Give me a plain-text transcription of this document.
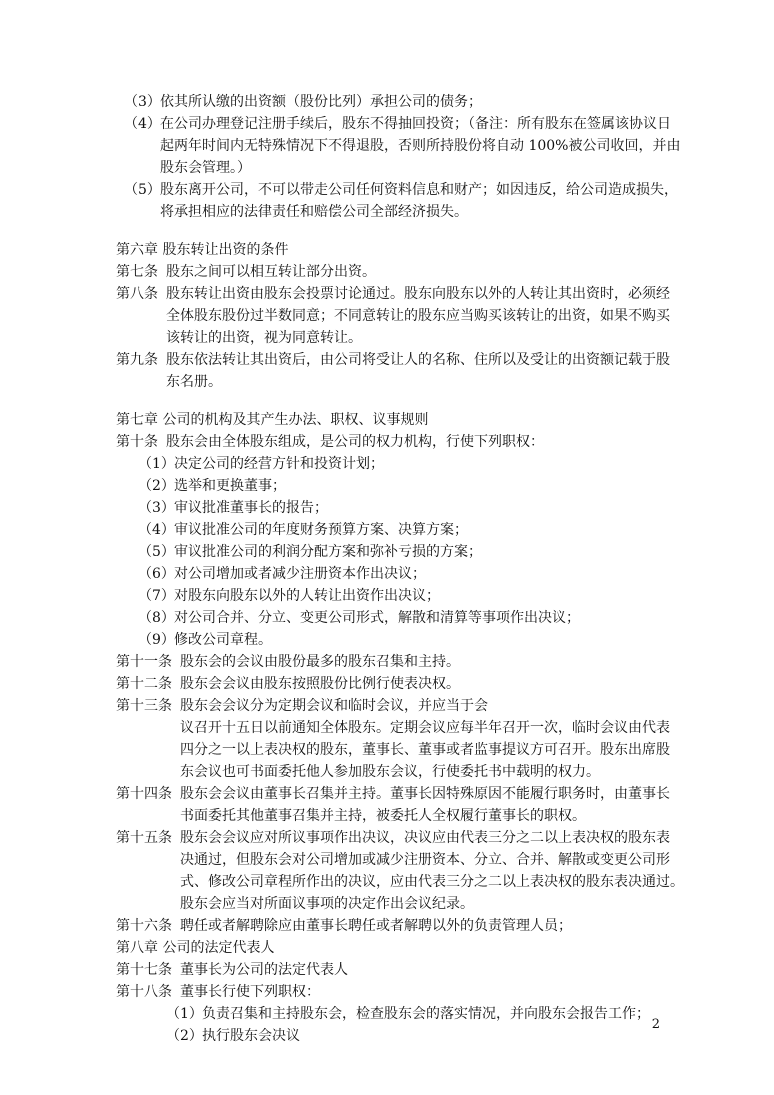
（3） 依其所认缴的出资额（股份比列）承担公司的债务；
（4） 在公司办理登记注册手续后，股东不得抽回投资；（备注：所有股东在签属该协议日
起两年时间内无特殊情况下不得退股，否则所持股份将自动 100%被公司收回，并由
股东会管理。）
（5） 股东离开公司，不可以带走公司任何资料信息和财产；如因违反，给公司造成损失，
将承担相应的法律责任和赔偿公司全部经济损失。
第六章 股东转让出资的条件
第七条 股东之间可以相互转让部分出资。
第八条 股东转让出资由股东会投票讨论通过。股东向股东以外的人转让其出资时，必须经
全体股东股份过半数同意；不同意转让的股东应当购买该转让的出资，如果不购买
该转让的出资，视为同意转让。
第九条 股东依法转让其出资后，由公司将受让人的名称、住所以及受让的出资额记载于股
东名册。
第七章 公司的机构及其产生办法、职权、议事规则
第十条 股东会由全体股东组成，是公司的权力机构，行使下列职权：
（1） 决定公司的经营方针和投资计划；
（2） 选举和更换董事；
（3） 审议批准董事长的报告；
（4） 审议批准公司的年度财务预算方案、决算方案；
（5） 审议批准公司的利润分配方案和弥补亏损的方案；
（6） 对公司增加或者减少注册资本作出决议；
（7） 对股东向股东以外的人转让出资作出决议；
（8） 对公司合并、分立、变更公司形式，解散和清算等事项作出决议；
（9） 修改公司章程。
第十一条 股东会的会议由股份最多的股东召集和主持。
第十二条 股东会会议由股东按照股份比例行使表决权。
第十三条 股东会会议分为定期会议和临时会议，并应当于会
议召开十五日以前通知全体股东。定期会议应每半年召开一次，临时会议由代表
四分之一以上表决权的股东，董事长、董事或者监事提议方可召开。股东出席股
东会议也可书面委托他人参加股东会议，行使委托书中载明的权力。
第十四条 股东会会议由董事长召集并主持。董事长因特殊原因不能履行职务时，由董事长
书面委托其他董事召集并主持，被委托人全权履行董事长的职权。
第十五条 股东会会议应对所议事项作出决议，决议应由代表三分之二以上表决权的股东表
决通过，但股东会对公司增加或减少注册资本、分立、合并、解散或变更公司形
式、修改公司章程所作出的决议，应由代表三分之二以上表决权的股东表决通过。
股东会应当对所面议事项的决定作出会议纪录。
第十六条 聘任或者解聘除应由董事长聘任或者解聘以外的负责管理人员；
第八章 公司的法定代表人
第十七条 董事长为公司的法定代表人
第十八条 董事长行使下列职权：
（1） 负责召集和主持股东会，检查股东会的落实情况，并向股东会报告工作；
（2） 执行股东会决议
2
